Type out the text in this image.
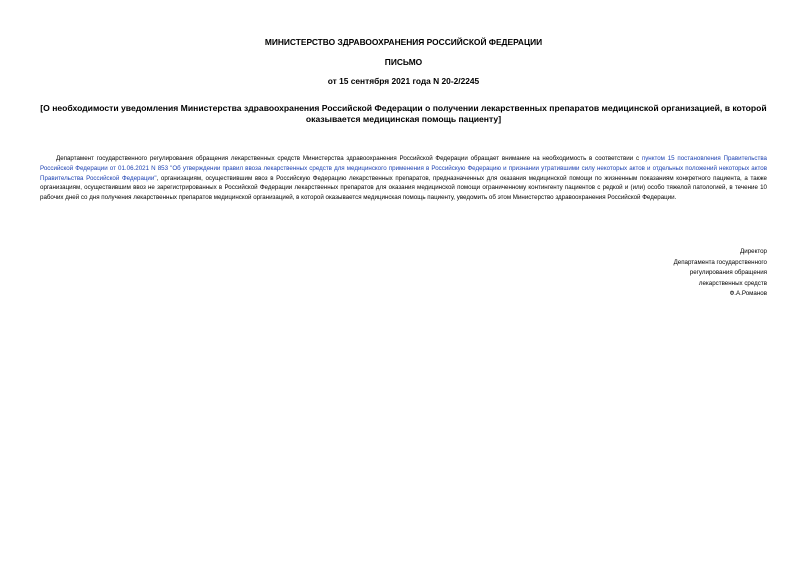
МИНИСТЕРСТВО ЗДРАВООХРАНЕНИЯ РОССИЙСКОЙ ФЕДЕРАЦИИ
ПИСЬМО
от 15 сентября 2021 года N 20-2/2245
[О необходимости уведомления Министерства здравоохранения Российской Федерации о получении лекарственных препаратов медицинской организацией, в которой оказывается медицинская помощь пациенту]
Департамент государственного регулирования обращения лекарственных средств Министерства здравоохранения Российской Федерации обращает внимание на необходимость в соответствии с пунктом 15 постановления Правительства Российской Федерации от 01.06.2021 N 853 "Об утверждении правил ввоза лекарственных средств для медицинского применения в Российскую Федерацию и признании утратившими силу некоторых актов и отдельных положений некоторых актов Правительства Российской Федерации", организациям, осуществившим ввоз в Российскую Федерацию лекарственных препаратов, предназначенных для оказания медицинской помощи по жизненным показаниям конкретного пациента, а также организациям, осуществившим ввоз не зарегистрированных в Российской Федерации лекарственных препаратов для оказания медицинской помощи ограниченному контингенту пациентов с редкой и (или) особо тяжелой патологией, в течение 10 рабочих дней со дня получения лекарственных препаратов медицинской организацией, в которой оказывается медицинская помощь пациенту, уведомить об этом Министерство здравоохранения Российской Федерации.
Директор
Департамента государственного
регулирования обращения
лекарственных средств
Ф.А.Романов
